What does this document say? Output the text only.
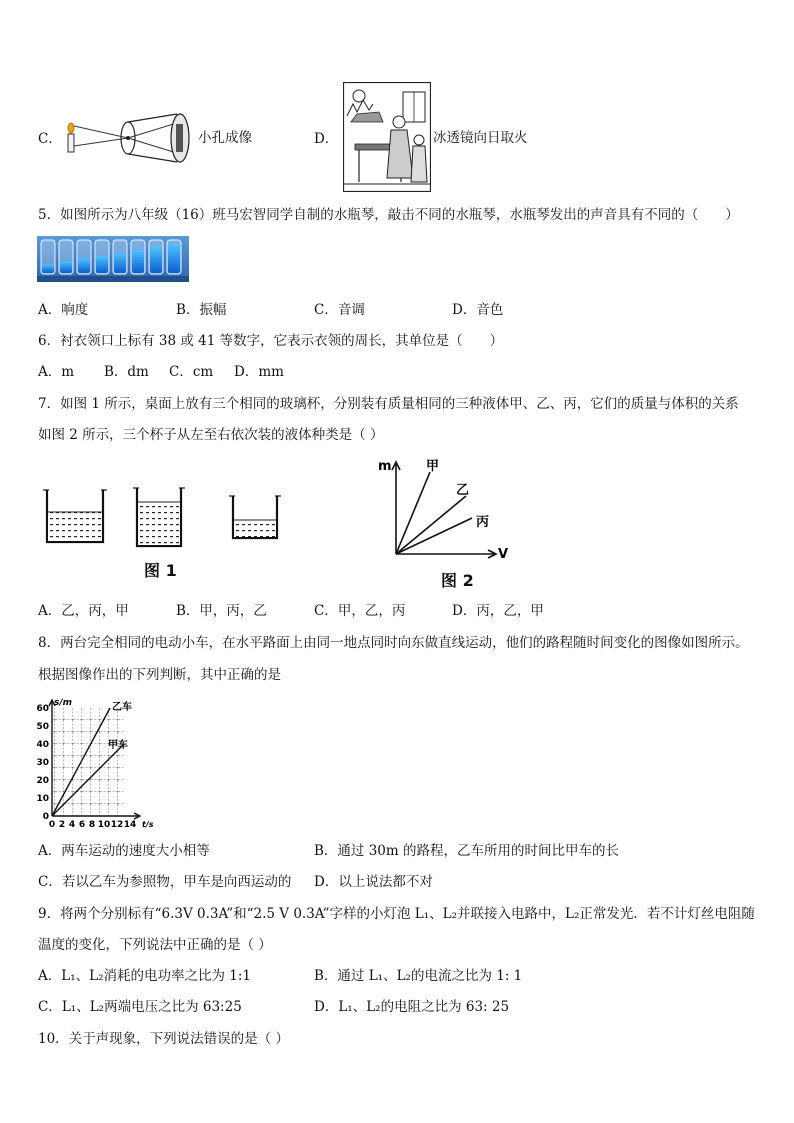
C．	小孔成像	D．	冰透镜向日取火
5．如图所示为八年级（16）班马宏智同学自制的水瓶琴，敲击不同的水瓶琴，水瓶琴发出的声音具有不同的（　　）
A．响度	B．振幅	C．音调	D．音色
6．衬衣领口上标有 38 或 41 等数字，它表示衣领的周长，其单位是（　　）
A．m B．dm C．cm D．mm
7．如图 1 所示，桌面上放有三个相同的玻璃杯，分别装有质量相同的三种液体甲、乙、丙，它们的质量与体积的关系
如图 2 所示，三个杯子从左至右依次装的液体种类是（ ）
图 1
m
V
甲
乙
丙
图 2
A．乙，丙，甲	B．甲，丙，乙	C．甲，乙，丙	D．丙，乙，甲
8．两台完全相同的电动小车，在水平路面上由同一地点同时向东做直线运动，他们的路程随时间变化的图像如图所示。
根据图像作出的下列判断，其中正确的是
s/m
t/s
乙车
甲车
0
10
20
30
40
50
60
0 2 4 6 8 10 12 14
A．两车运动的速度大小相等	B．通过 30m 的路程，乙车所用的时间比甲车的长
C．若以乙车为参照物，甲车是向西运动的 D．以上说法都不对
9．将两个分别标有“6.3V 0.3A”和“2.5 V 0.3A”字样的小灯泡 L₁、L₂并联接入电路中，L₂正常发光．若不计灯丝电阻随
温度的变化，下列说法中正确的是（ ）
A．L₁、L₂消耗的电功率之比为 1:1	B．通过 L₁、L₂的电流之比为 1: 1
C．L₁、L₂两端电压之比为 63:25	D．L₁、L₂的电阻之比为 63: 25
10．关于声现象，下列说法错误的是（ ）
